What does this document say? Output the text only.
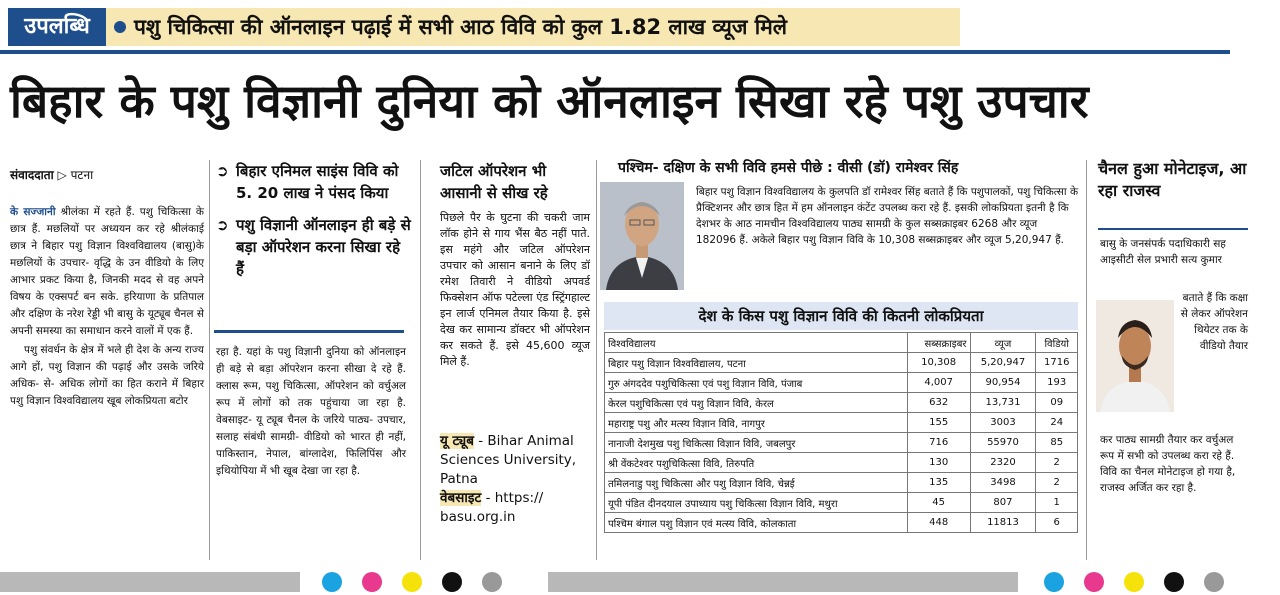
उपलब्धि	पशु चिकित्सा की ऑनलाइन पढ़ाई में सभी आठ विवि को कुल 1.82 लाख व्यूज मिले
बिहार के पशु विज्ञानी दुनिया को ऑनलाइन सिखा रहे पशु उपचार
संवाददाता ▷ पटना

के सज्जानी श्रीलंका में रहते हैं. पशु चिकित्सा के छात्र हैं. मछलियों पर अध्ययन कर रहे श्रीलंकाई छात्र ने बिहार पशु विज्ञान विश्वविद्यालय (बासु)के मछलियों के उपचार- वृद्धि के उन वीडियो के लिए आभार प्रकट किया है, जिनकी मदद से वह अपने विषय के एक्सपर्ट बन सके. हरियाणा के प्रतिपाल और दक्षिण के नरेश रेड्डी भी बासु के यूट्यूब चैनल से अपनी समस्या का समाधान करने वालों में एक हैं.

पशु संवर्धन के क्षेत्र में भले ही देश के अन्य राज्य आगे हों, पशु विज्ञान की पढ़ाई और उसके जरिये अधिक- से- अधिक लोगों का हित कराने में बिहार पशु विज्ञान विश्वविद्यालय खूब लोकप्रियता बटोर

➲ बिहार एनिमल साइंस विवि को 5. 20 लाख ने पंसद किया
➲ पशु विज्ञानी ऑनलाइन ही बड़े से बड़ा ऑपरेशन करना सिखा रहे हैं
रहा है. यहां के पशु विज्ञानी दुनिया को ऑनलाइन ही बड़े से बड़ा ऑपरेशन करना सीखा दे रहे हैं. क्लास रूम, पशु चिकित्सा, ऑपरेशन को वर्चुअल रूप में लोगों को तक पहुंचाया जा रहा है. वेबसाइट- यू ट्यूब चैनल के जरिये पाठ्य- उपचार, सलाह संबंधी सामग्री- वीडियो को भारत ही नहीं, पाकिस्तान, नेपाल, बांग्लादेश, फिलिपिंस और इथियोपिया में भी खूब देखा जा रहा है.
जटिल ऑपरेशन भी आसानी से सीख रहे
पिछले पैर के घुटना की चकरी जाम लॉक होने से गाय भैंस बैठ नहीं पाते. इस महंगे और जटिल ऑपरेशन उपचार को आसान बनाने के लिए डॉ रमेश तिवारी ने वीडियो अपवर्ड फिक्सेशन ऑफ पटेल्ला एंड स्ट्रिंगहाल्ट इन लार्ज एनिमल तैयार किया है. इसे देख कर सामान्य डॉक्टर भी ऑपरेशन कर सकते हैं. इसे 45,600 व्यूज मिले हैं.
यू ट्यूब - Bihar Animal Sciences University, Patna
वेबसाइट - https:// basu.org.in
पश्चिम- दक्षिण के सभी विवि हमसे पीछे : वीसी (डॉ) रामेश्वर सिंह
बिहार पशु विज्ञान विश्वविद्यालय के कुलपति डॉ रामेश्वर सिंह बताते हैं कि पशुपालकों, पशु चिकित्सा के प्रैक्टिशनर और छात्र हित में हम ऑनलाइन कंटेंट उपलब्ध करा रहे हैं. इसकी लोकप्रियता इतनी है कि देशभर के आठ नामचीन विश्वविद्यालय पाठ्य सामग्री के कुल सब्सक्राइबर 6268 और व्यूज 182096 हैं. अकेले बिहार पशु विज्ञान विवि के 10,308 सब्सक्राइबर और व्यूज 5,20,947 हैं.
देश के किस पशु विज्ञान विवि की कितनी लोकप्रियता
विश्वविद्यालय	सब्सक्राइबर	व्यूज	विडियो
बिहार पशु विज्ञान विश्वविद्यालय, पटना	10,308	5,20,947	1716
गुरु अंगददेव पशुचिकित्सा एवं पशु विज्ञान विवि, पंजाब	4,007	90,954	193
केरल पशुचिकित्सा एवं पशु विज्ञान विवि, केरल	632	13,731	09
महाराष्ट्र पशु और मत्स्य विज्ञान विवि, नागपुर	155	3003	24
नानाजी देशमुख पशु चिकित्सा विज्ञान विवि, जबलपुर	716	55970	85
श्री वेंकटेश्वर पशुचिकित्सा विवि, तिरुपति	130	2320	2
तमिलनाडु पशु चिकित्सा और पशु विज्ञान विवि, चेन्नई	135	3498	2
यूपी पंडित दीनदयाल उपाध्याय पशु चिकित्सा विज्ञान विवि, मथुरा	45	807	1
पश्चिम बंगाल पशु विज्ञान एवं मत्स्य विवि, कोलकाता	448	11813	6
चैनल हुआ मोनेटाइज, आ रहा राजस्व
बासु के जनसंपर्क पदाधिकारी सह आइसीटी सेल प्रभारी सत्य कुमार
बताते हैं कि कक्षा से लेकर ऑपरेशन थियेटर तक के वीडियो तैयार
कर पाठ्य सामग्री तैयार कर वर्चुअल रूप में सभी को उपलब्ध करा रहे हैं. विवि का चैनल मोनेटाइज हो गया है, राजस्व अर्जित कर रहा है.
